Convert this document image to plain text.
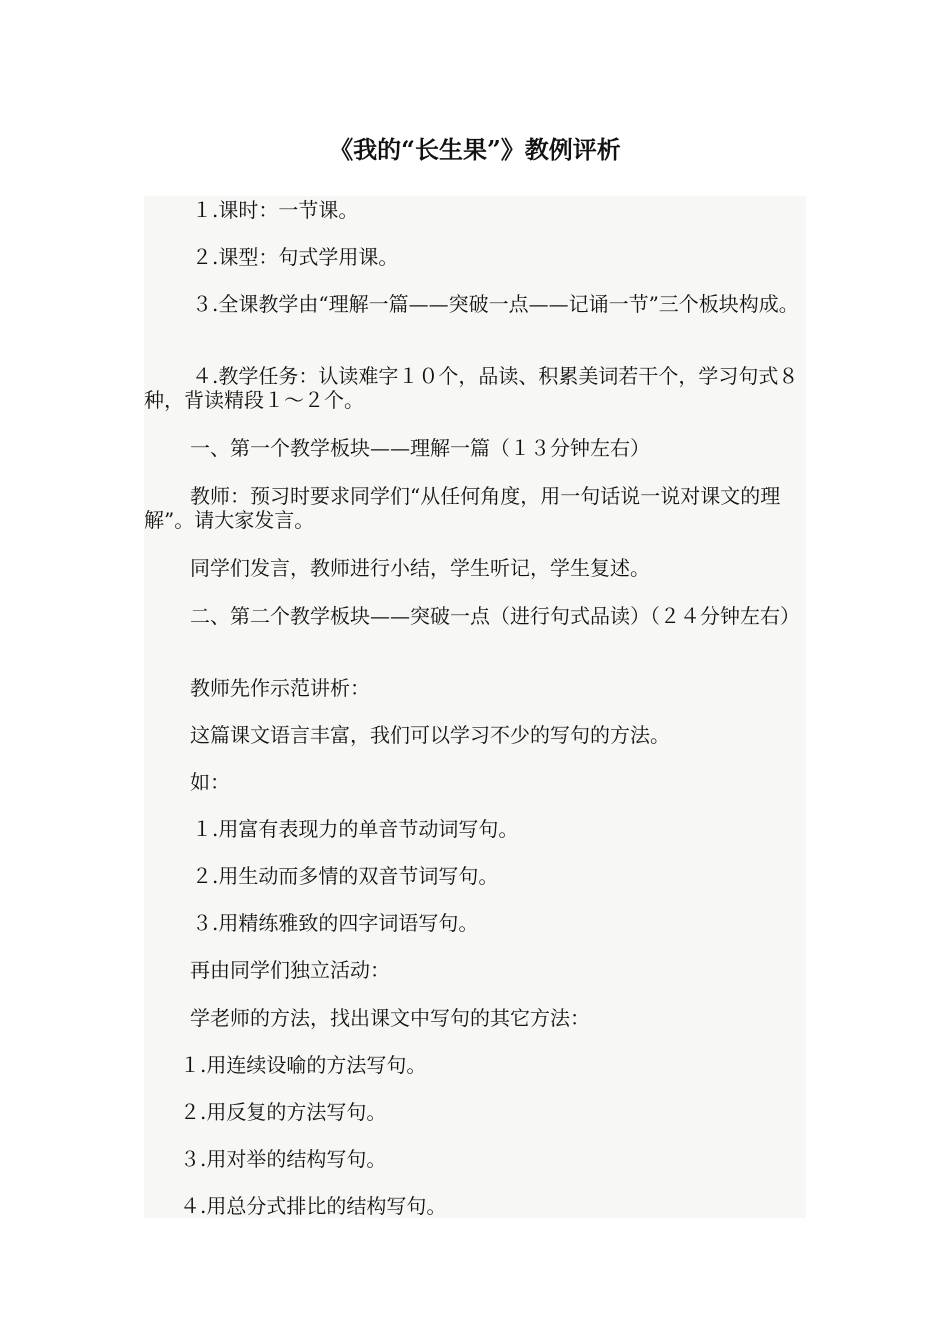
《我的“长生果”》教例评析

１.课时：一节课。

２.课型：句式学用课。

３.全课教学由“理解一篇——突破一点——记诵一节”三个板块构成。

４.教学任务：认读难字１０个，品读、积累美词若干个，学习句式８种，背读精段１～２个。

一、第一个教学板块——理解一篇（１３分钟左右）

教师：预习时要求同学们“从任何角度，用一句话说一说对课文的理解”。请大家发言。

同学们发言，教师进行小结，学生听记，学生复述。

二、第二个教学板块——突破一点（进行句式品读）（２４分钟左右）

教师先作示范讲析：

这篇课文语言丰富，我们可以学习不少的写句的方法。

如：

１.用富有表现力的单音节动词写句。

２.用生动而多情的双音节词写句。

３.用精练雅致的四字词语写句。

再由同学们独立活动：

学老师的方法，找出课文中写句的其它方法：

１.用连续设喻的方法写句。

２.用反复的方法写句。

３.用对举的结构写句。

４.用总分式排比的结构写句。
